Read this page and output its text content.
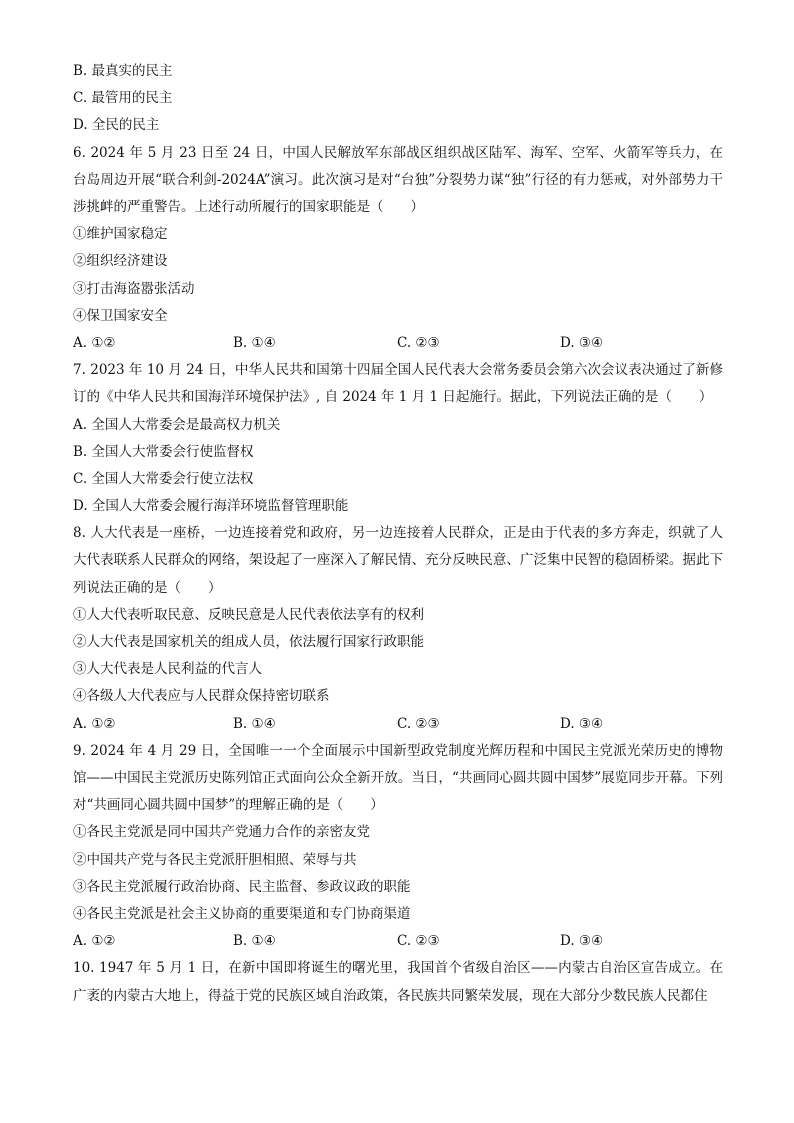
B. 最真实的民主
C. 最管用的民主
D. 全民的民主
6. 2024 年 5 月 23 日至 24 日，中国人民解放军东部战区组织战区陆军、海军、空军、火箭军等兵力，在台岛周边开展“联合利剑-2024A”演习。此次演习是对“台独”分裂势力谋“独”行径的有力惩戒，对外部势力干涉挑衅的严重警告。上述行动所履行的国家职能是（　　）
①维护国家稳定
②组织经济建设
③打击海盗嚣张活动
④保卫国家安全
A. ①②	B. ①④	C. ②③	D. ③④
7. 2023 年 10 月 24 日，中华人民共和国第十四届全国人民代表大会常务委员会第六次会议表决通过了新修订的《中华人民共和国海洋环境保护法》, 自 2024 年 1 月 1 日起施行。据此，下列说法正确的是（　　）
A. 全国人大常委会是最高权力机关
B. 全国人大常委会行使监督权
C. 全国人大常委会行使立法权
D. 全国人大常委会履行海洋环境监督管理职能
8. 人大代表是一座桥，一边连接着党和政府，另一边连接着人民群众，正是由于代表的多方奔走，织就了人大代表联系人民群众的网络，架设起了一座深入了解民情、充分反映民意、广泛集中民智的稳固桥梁。据此下列说法正确的是（　　）
①人大代表听取民意、反映民意是人民代表依法享有的权利
②人大代表是国家机关的组成人员，依法履行国家行政职能
③人大代表是人民利益的代言人
④各级人大代表应与人民群众保持密切联系
A. ①②	B. ①④	C. ②③	D. ③④
9. 2024 年 4 月 29 日，全国唯一一个全面展示中国新型政党制度光辉历程和中国民主党派光荣历史的博物馆——中国民主党派历史陈列馆正式面向公众全新开放。当日，“共画同心圆共圆中国梦”展览同步开幕。下列对“共画同心圆共圆中国梦”的理解正确的是（　　）
①各民主党派是同中国共产党通力合作的亲密友党
②中国共产党与各民主党派肝胆相照、荣辱与共
③各民主党派履行政治协商、民主监督、参政议政的职能
④各民主党派是社会主义协商的重要渠道和专门协商渠道
A. ①②	B. ①④	C. ②③	D. ③④
10. 1947 年 5 月 1 日，在新中国即将诞生的曙光里，我国首个省级自治区——内蒙古自治区宣告成立。在广袤的内蒙古大地上，得益于党的民族区域自治政策，各民族共同繁荣发展，现在大部分少数民族人民都住
